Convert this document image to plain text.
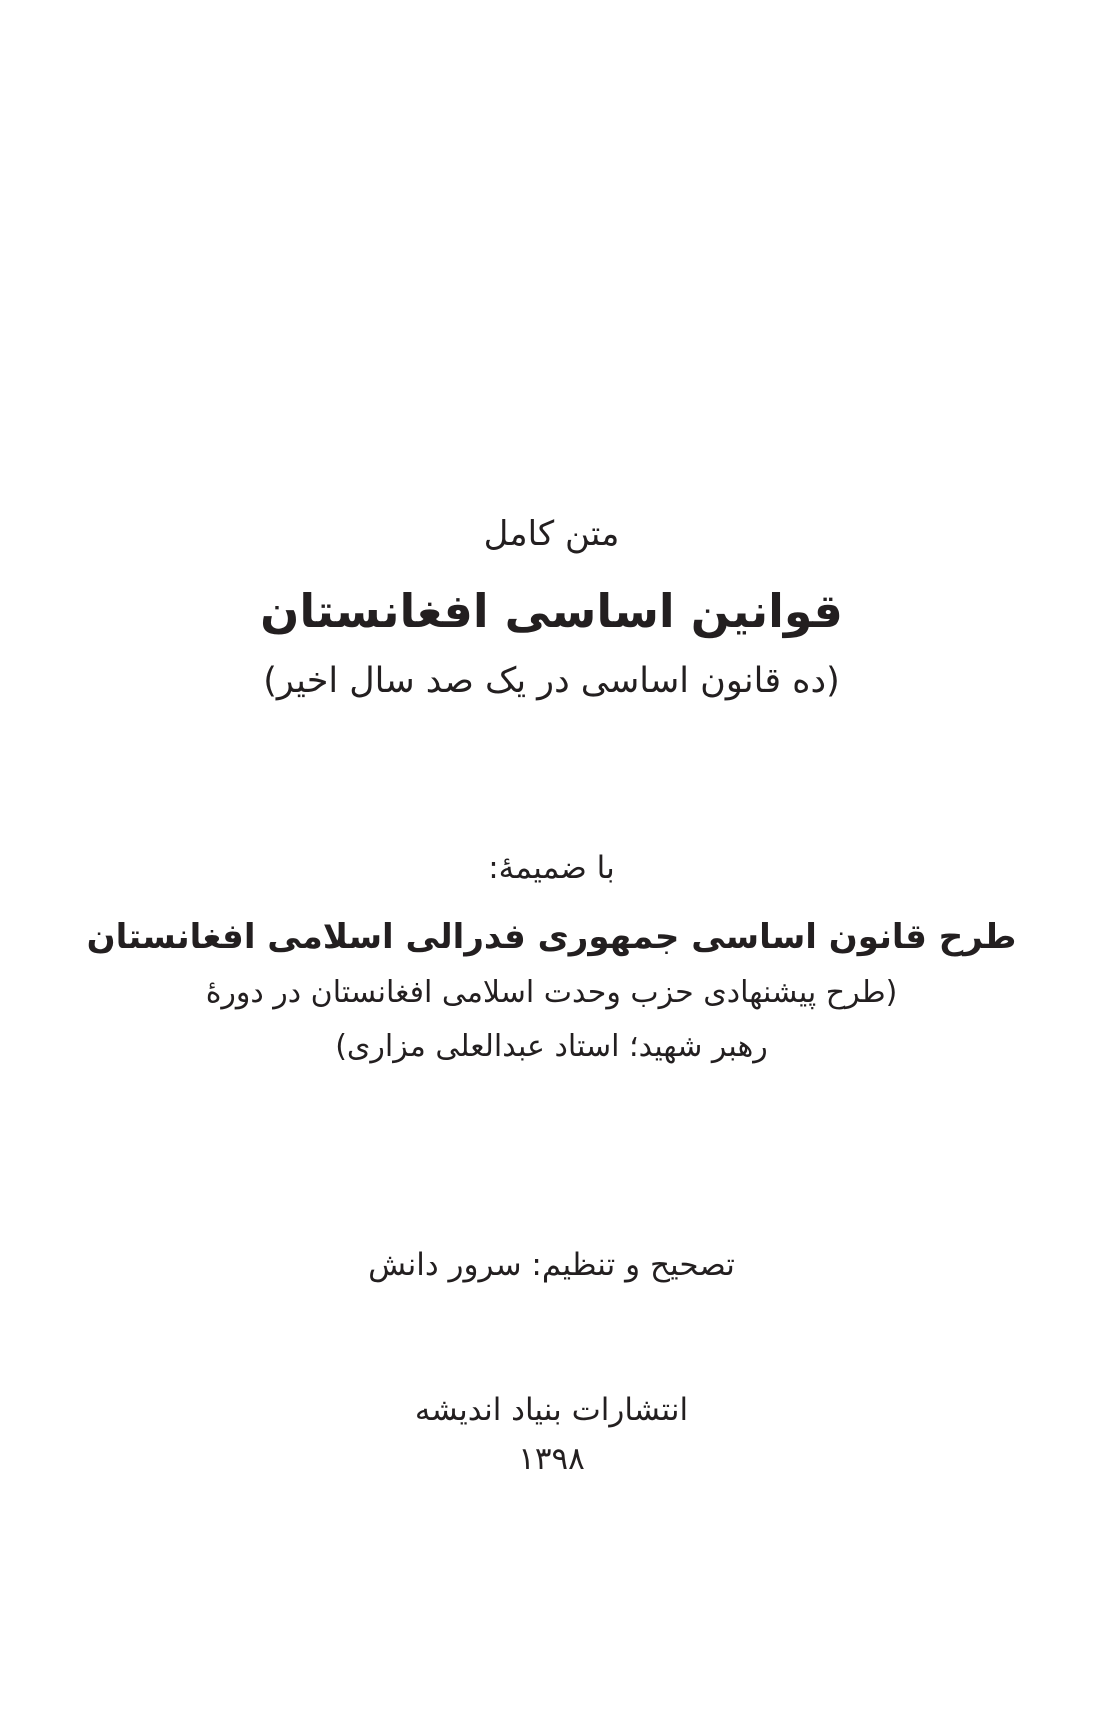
متن کامل
قوانین اساسی افغانستان
(ده قانون اساسی در یک صد سال اخیر)
با ضمیمهٔ:
طرح قانون اساسی جمهوری فدرالی اسلامی افغانستان
(طرح پیشنهادی حزب وحدت اسلامی افغانستان در دورهٔ
رهبر شهید؛ استاد عبدالعلی مزاری)
تصحیح و تنظیم: سرور دانش
انتشارات بنیاد اندیشه
۱۳۹۸
